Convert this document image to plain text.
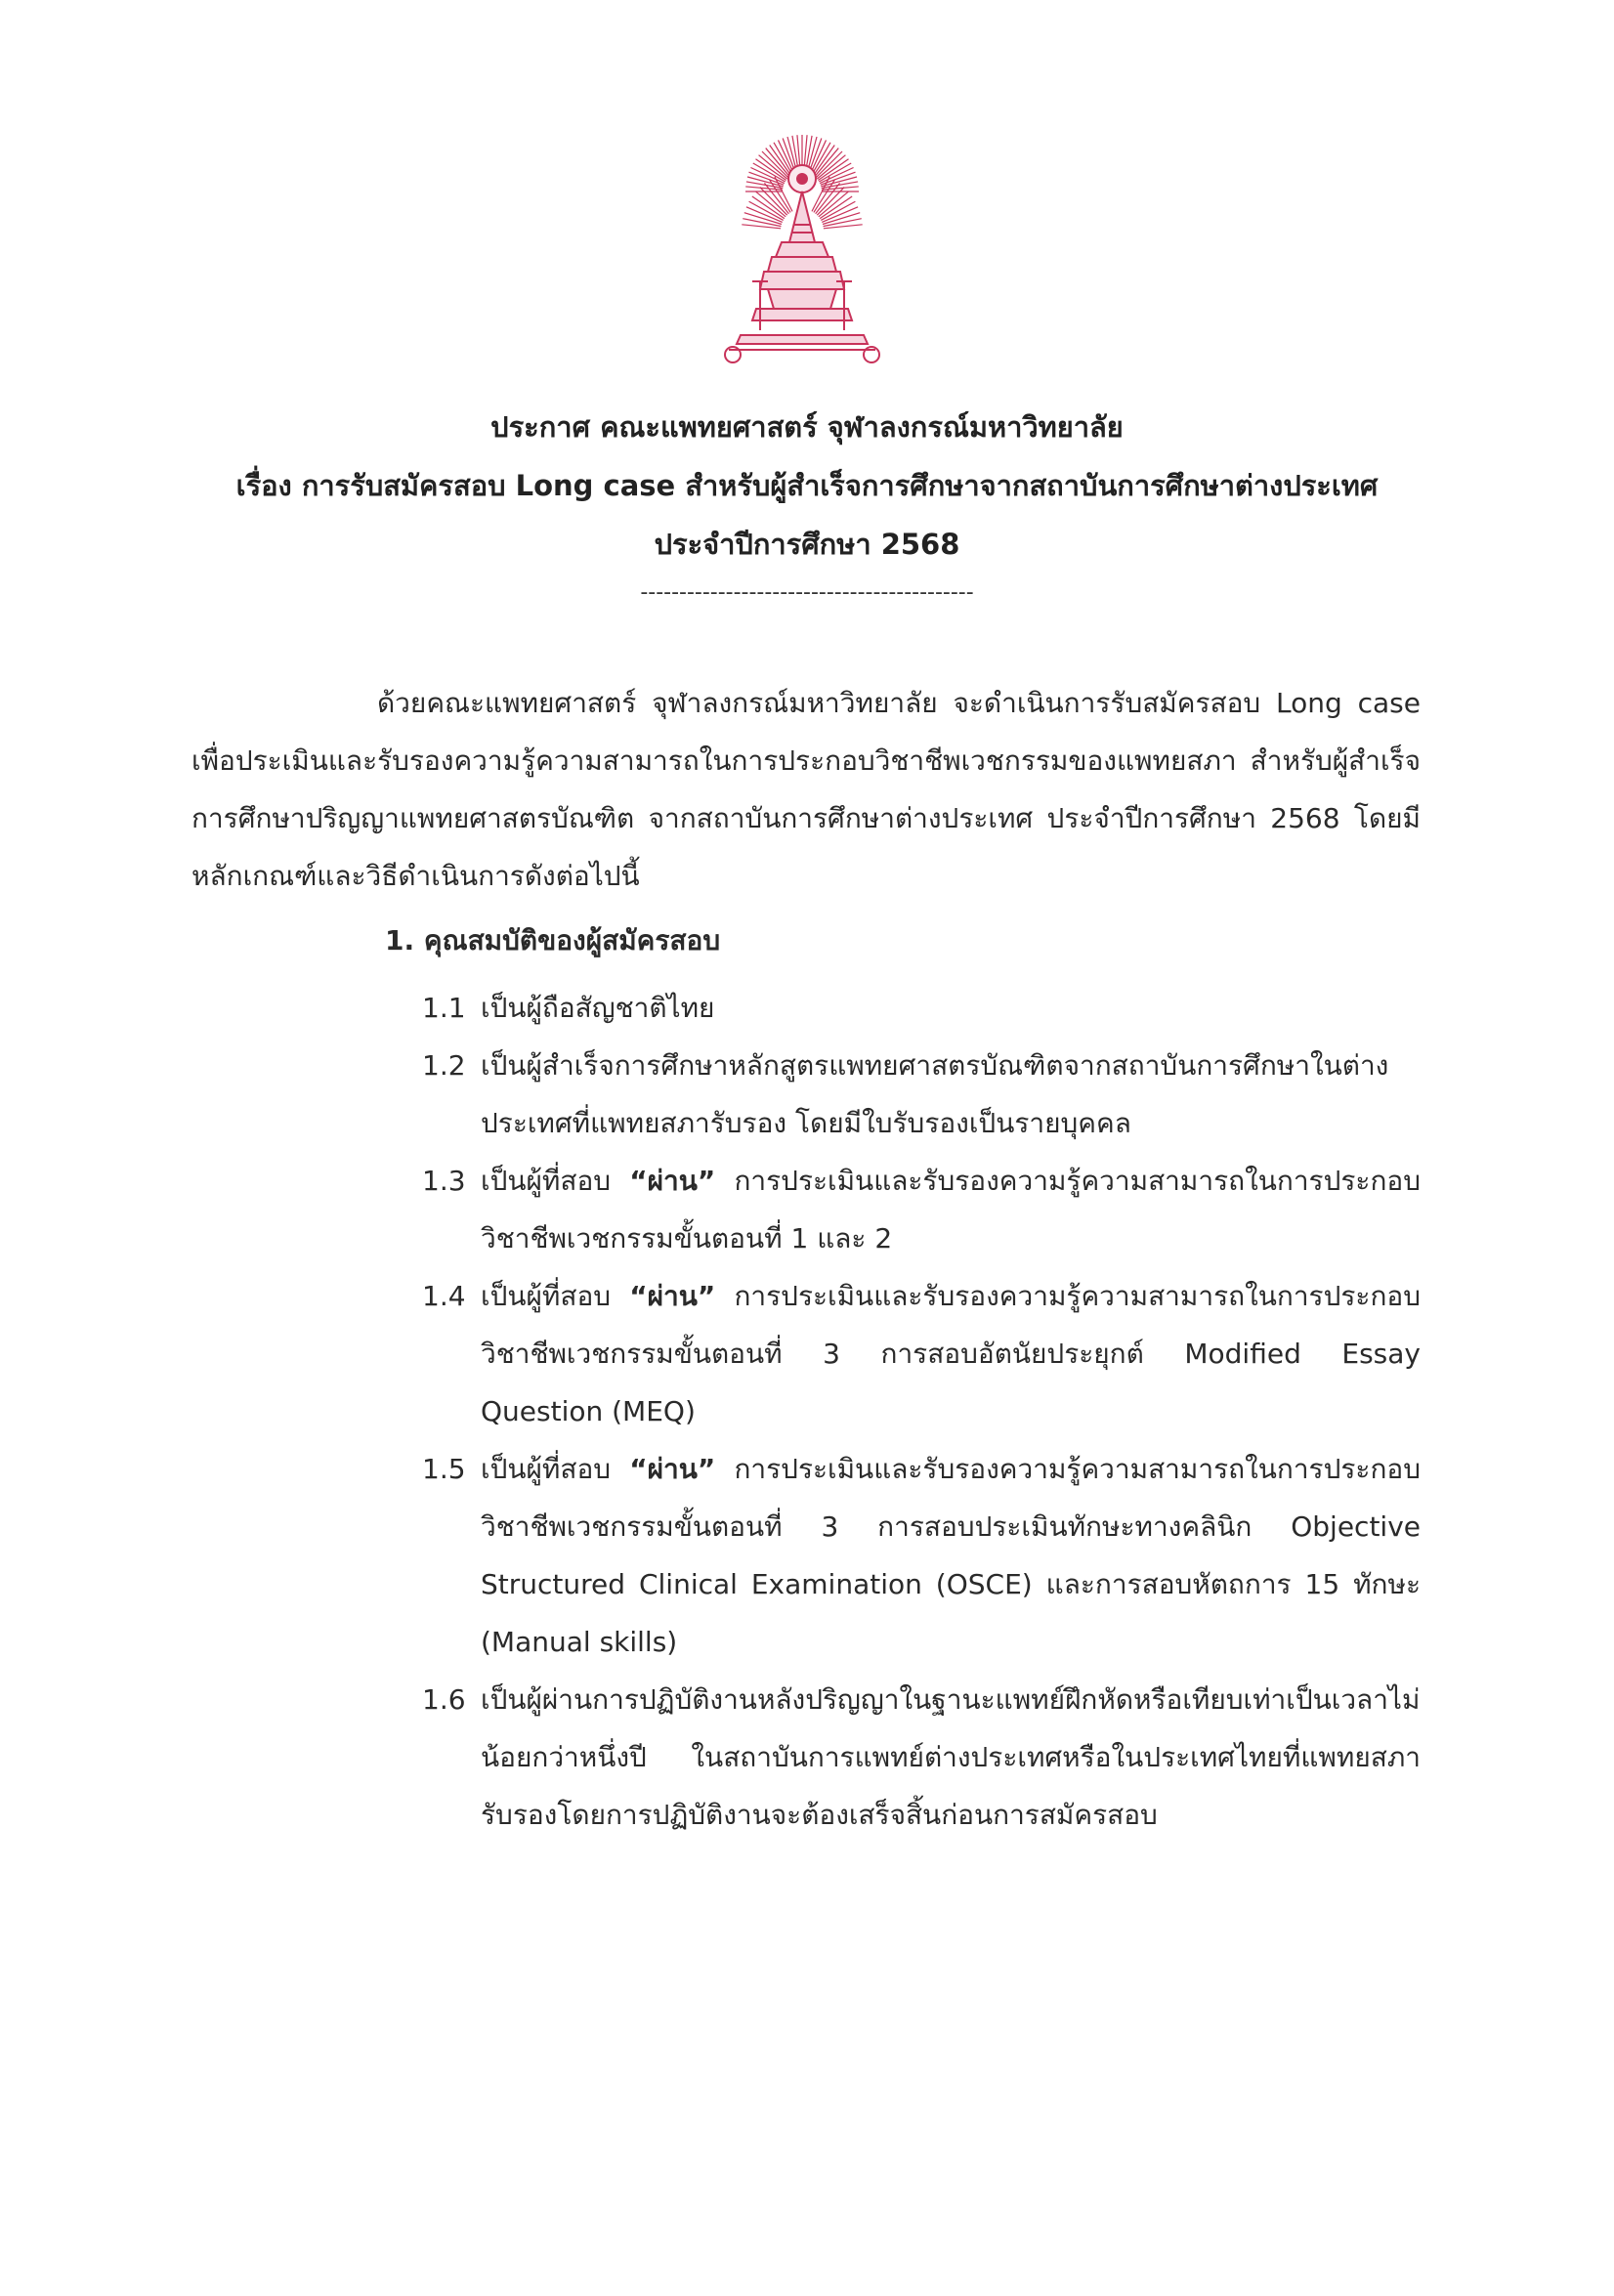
ประกาศ คณะแพทยศาสตร์ จุฬาลงกรณ์มหาวิทยาลัย
เรื่อง การรับสมัครสอบ Long case สำหรับผู้สำเร็จการศึกษาจากสถาบันการศึกษาต่างประเทศ
ประจำปีการศึกษา 2568
-------------------------------------------

ด้วยคณะแพทยศาสตร์ จุฬาลงกรณ์มหาวิทยาลัย จะดำเนินการรับสมัครสอบ Long case เพื่อประเมินและรับรองความรู้ความสามารถในการประกอบวิชาชีพเวชกรรมของแพทยสภา สำหรับผู้สำเร็จการศึกษาปริญญาแพทยศาสตรบัณฑิต จากสถาบันการศึกษาต่างประเทศ ประจำปีการศึกษา 2568 โดยมีหลักเกณฑ์และวิธีดำเนินการดังต่อไปนี้

1. คุณสมบัติของผู้สมัครสอบ
1.1 เป็นผู้ถือสัญชาติไทย
1.2 เป็นผู้สำเร็จการศึกษาหลักสูตรแพทยศาสตรบัณฑิตจากสถาบันการศึกษาในต่างประเทศที่แพทยสภารับรอง โดยมีใบรับรองเป็นรายบุคคล
1.3 เป็นผู้ที่สอบ “ผ่าน” การประเมินและรับรองความรู้ความสามารถในการประกอบวิชาชีพเวชกรรมขั้นตอนที่ 1 และ 2
1.4 เป็นผู้ที่สอบ “ผ่าน” การประเมินและรับรองความรู้ความสามารถในการประกอบวิชาชีพเวชกรรมขั้นตอนที่ 3 การสอบอัตนัยประยุกต์ Modified Essay Question (MEQ)
1.5 เป็นผู้ที่สอบ “ผ่าน” การประเมินและรับรองความรู้ความสามารถในการประกอบวิชาชีพเวชกรรมขั้นตอนที่ 3 การสอบประเมินทักษะทางคลินิก Objective Structured Clinical Examination (OSCE) และการสอบหัตถการ 15 ทักษะ (Manual skills)
1.6 เป็นผู้ผ่านการปฏิบัติงานหลังปริญญาในฐานะแพทย์ฝึกหัดหรือเทียบเท่าเป็นเวลาไม่น้อยกว่าหนึ่งปี ในสถาบันการแพทย์ต่างประเทศหรือในประเทศไทยที่แพทยสภารับรองโดยการปฏิบัติงานจะต้องเสร็จสิ้นก่อนการสมัครสอบ
